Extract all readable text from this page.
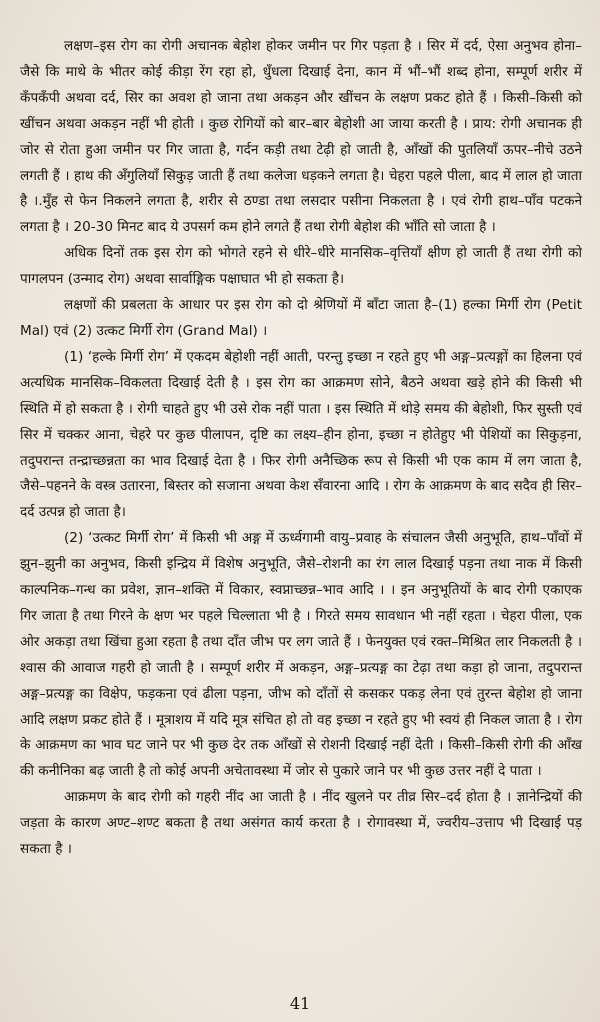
लक्षण–इस रोग का रोगी अचानक बेहोश होकर जमीन पर गिर पड़ता है । सिर में दर्द, ऐसा अनुभव होना–जैसे कि माथे के भीतर कोई कीड़ा रेंग रहा हो, धुँधला दिखाई देना, कान में भौं–भौं शब्द होना, सम्पूर्ण शरीर में कँपकँपी अथवा दर्द, सिर का अवश हो जाना तथा अकड़न और खींचन के लक्षण प्रकट होते हैं । किसी–किसी को खींचन अथवा अकड़न नहीं भी होती । कुछ रोगियों को बार–बार बेहोशी आ जाया करती है । प्राय: रोगी अचानक ही जोर से रोता हुआ जमीन पर गिर जाता है, गर्दन कड़ी तथा टेढ़ी हो जाती है, आँखों की पुतलियाँ ऊपर–नीचे उठने लगती हैं । हाथ की अँगुलियाँ सिकुड़ जाती हैं तथा कलेजा धड़कने लगता है। चेहरा पहले पीला, बाद में लाल हो जाता है ।.मुँह से फेन निकलने लगता है, शरीर से ठण्डा तथा लसदार पसीना निकलता है । एवं रोगी हाथ–पाँव पटकने लगता है । 20-30 मिनट बाद ये उपसर्ग कम होने लगते हैं तथा रोगी बेहोश की भाँति सो जाता है ।

अधिक दिनों तक इस रोग को भोगते रहने से धीरे–धीरे मानसिक–वृत्तियाँ क्षीण हो जाती हैं तथा रोगी को पागलपन (उन्माद रोग) अथवा सार्वाङ्गिक पक्षाघात भी हो सकता है।

लक्षणों की प्रबलता के आधार पर इस रोग को दो श्रेणियों में बाँटा जाता है–(1) हल्का मिर्गी रोग (Petit Mal) एवं (2) उत्कट मिर्गी रोग (Grand Mal) ।

(1) ‘हल्के मिर्गी रोग’ में एकदम बेहोशी नहीं आती, परन्तु इच्छा न रहते हुए भी अङ्ग–प्रत्यङ्गों का हिलना एवं अत्यधिक मानसिक–विकलता दिखाई देती है । इस रोग का आक्रमण सोने, बैठने अथवा खड़े होने की किसी भी स्थिति में हो सकता है । रोगी चाहते हुए भी उसे रोक नहीं पाता । इस स्थिति में थोड़े समय की बेहोशी, फिर सुस्ती एवं सिर में चक्कर आना, चेहरे पर कुछ पीलापन, दृष्टि का लक्ष्य–हीन होना, इच्छा न होतेहुए भी पेशियों का सिकुड़ना, तदुपरान्त तन्द्राच्छन्नता का भाव दिखाई देता है । फिर रोगी अनैच्छिक रूप से किसी भी एक काम में लग जाता है, जैसे–पहनने के वस्त्र उतारना, बिस्तर को सजाना अथवा केश सँवारना आदि । रोग के आक्रमण के बाद सदैव ही सिर–दर्द उत्पन्न हो जाता है।

(2) ‘उत्कट मिर्गी रोग’ में किसी भी अङ्ग में ऊर्ध्वगामी वायु–प्रवाह के संचालन जैसी अनुभूति, हाथ–पाँवों में झुन–झुनी का अनुभव, किसी इन्द्रिय में विशेष अनुभूति, जैसे–रोशनी का रंग लाल दिखाई पड़ना तथा नाक में किसी काल्पनिक–गन्ध का प्रवेश, ज्ञान–शक्ति में विकार, स्वप्नाच्छन्न–भाव आदि । । इन अनुभूतियों के बाद रोगी एकाएक गिर जाता है तथा गिरने के क्षण भर पहले चिल्लाता भी है । गिरते समय सावधान भी नहीं रहता । चेहरा पीला, एक ओर अकड़ा तथा खिंचा हुआ रहता है तथा दाँत जीभ पर लग जाते हैं । फेनयुक्त एवं रक्त–मिश्रित लार निकलती है । श्वास की आवाज गहरी हो जाती है । सम्पूर्ण शरीर में अकड़न, अङ्ग–प्रत्यङ्ग का टेढ़ा तथा कड़ा हो जाना, तदुपरान्त अङ्ग–प्रत्यङ्ग का विक्षेप, फड़कना एवं ढीला पड़ना, जीभ को दाँतों से कसकर पकड़ लेना एवं तुरन्त बेहोश हो जाना आदि लक्षण प्रकट होते हैं । मूत्राशय में यदि मूत्र संचित हो तो वह इच्छा न रहते हुए भी स्वयं ही निकल जाता है । रोग के आक्रमण का भाव घट जाने पर भी कुछ देर तक आँखों से रोशनी दिखाई नहीं देती । किसी–किसी रोगी की आँख की कनीनिका बढ़ जाती है तो कोई अपनी अचेतावस्था में जोर से पुकारे जाने पर भी कुछ उत्तर नहीं दे पाता ।

आक्रमण के बाद रोगी को गहरी नींद आ जाती है । नींद खुलने पर तीव्र सिर–दर्द होता है । ज्ञानेन्द्रियों की जड़ता के कारण अण्ट–शण्ट बकता है तथा असंगत कार्य करता है । रोगावस्था में, ज्वरीय–उत्ताप भी दिखाई पड़ सकता है ।

41
